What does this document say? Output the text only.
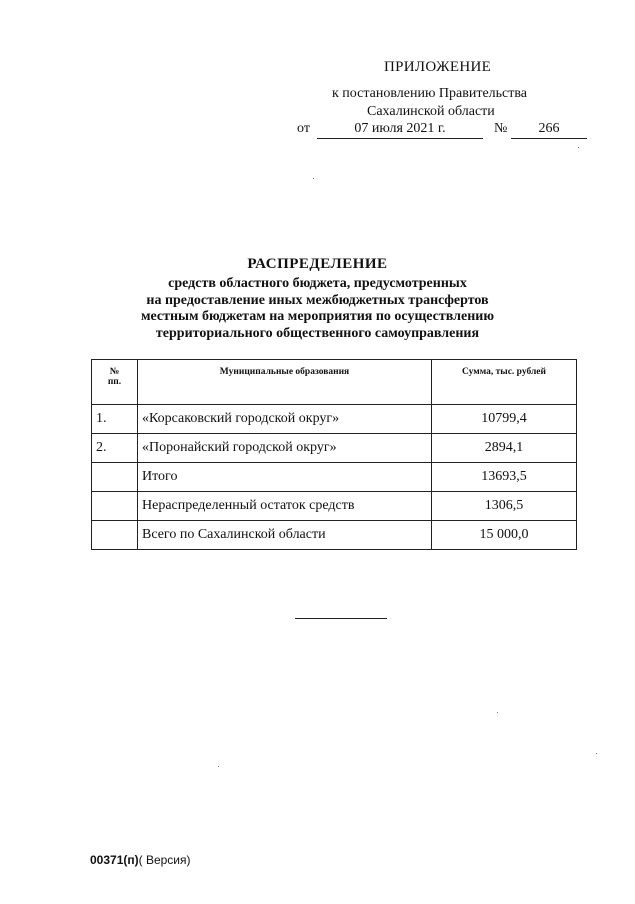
ПРИЛОЖЕНИЕ
к постановлению Правительства
Сахалинской области
от	07 июля 2021 г.	№	266
РАСПРЕДЕЛЕНИЕ
средств областного бюджета, предусмотренных
на предоставление иных межбюджетных трансфертов
местным бюджетам на мероприятия по осуществлению
территориального общественного самоуправления
№
пп.	Муниципальные образования	Сумма, тыс. рублей
1.	«Корсаковский городской округ»	10799,4
2.	«Поронайский городской округ»	2894,1
	Итого	13693,5
	Нераспределенный остаток средств	1306,5
	Всего по Сахалинской области	15 000,0
00371(п)( Версия)
